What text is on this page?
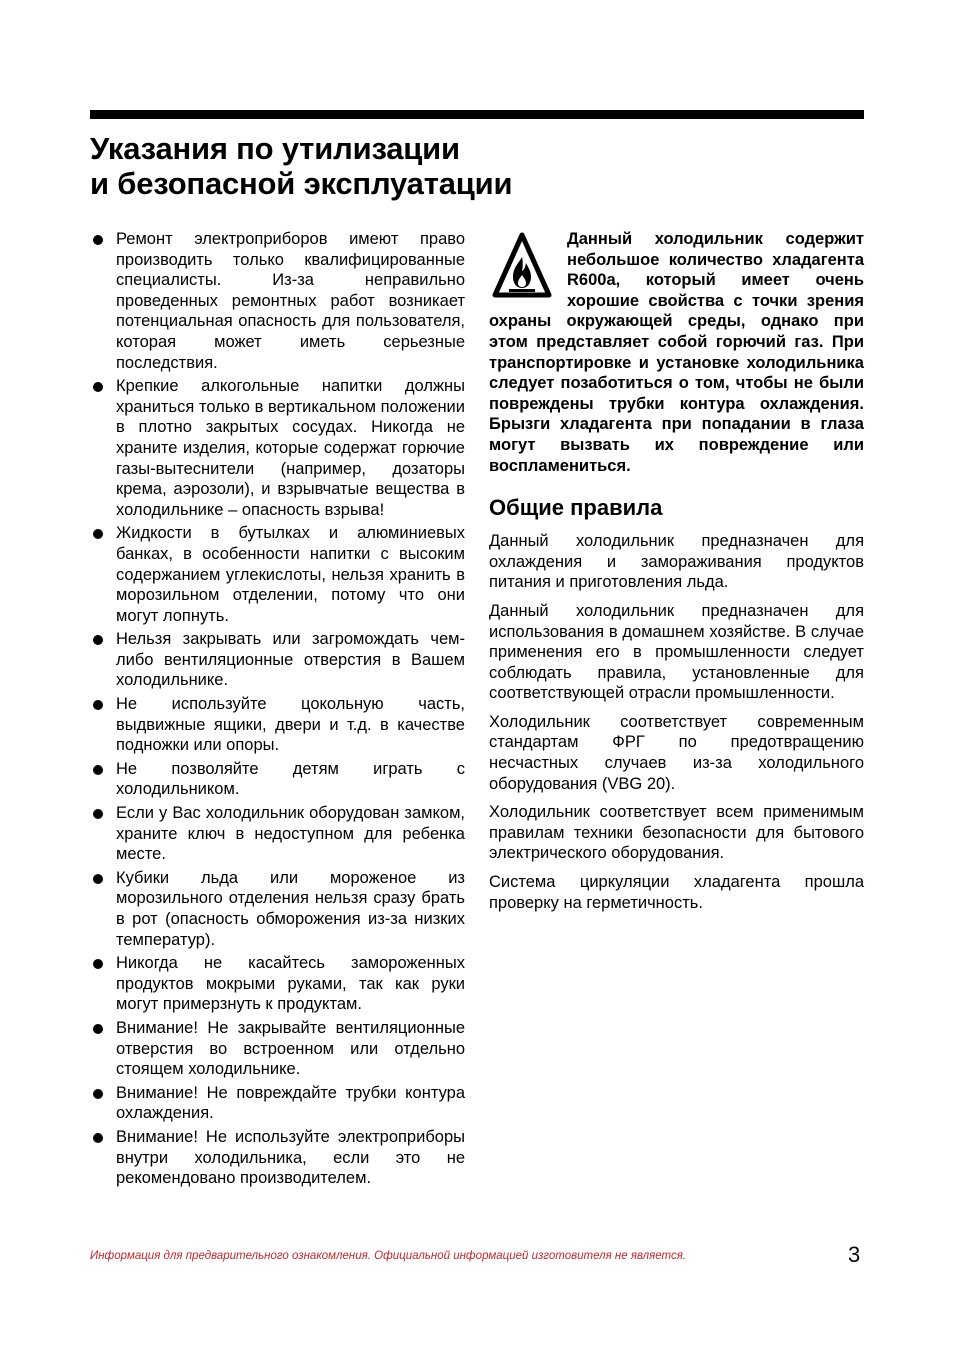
Указания по утилизации
и безопасной эксплуатации
Ремонт электроприборов имеют право производить только квалифицированные специалисты. Из-за неправильно проведенных ремонтных работ возникает потенциальная опасность для пользователя, которая может иметь серьезные последствия.
Крепкие алкогольные напитки должны храниться только в вертикальном положении в плотно закрытых сосудах. Никогда не храните изделия, которые содержат горючие газы-вытеснители (например, дозаторы крема, аэрозоли), и взрывчатые вещества в холодильнике – опасность взрыва!
Жидкости в бутылках и алюминиевых банках, в особенности напитки с высоким содержанием углекислоты, нельзя хранить в морозильном отделении, потому что они могут лопнуть.
Нельзя закрывать или загромождать чем-либо вентиляционные отверстия в Вашем холодильнике.
Не используйте цокольную часть, выдвижные ящики, двери и т.д. в качестве подножки или опоры.
Не позволяйте детям играть с холодильником.
Если у Вас холодильник оборудован замком, храните ключ в недоступном для ребенка месте.
Кубики льда или мороженое из морозильного отделения нельзя сразу брать в рот (опасность обморожения из-за низких температур).
Никогда не касайтесь замороженных продуктов мокрыми руками, так как руки могут примерзнуть к продуктам.
Внимание! Не закрывайте вентиляционные отверстия во встроенном или отдельно стоящем холодильнике.
Внимание! Не повреждайте трубки контура охлаждения.
Внимание! Не используйте электроприборы внутри холодильника, если это не рекомендовано производителем.
Данный холодильник содержит небольшое количество хладагента R600a, который имеет очень хорошие свойства с точки зрения охраны окружающей среды, однако при этом представляет собой горючий газ. При транспортировке и установке холодильника следует позаботиться о том, чтобы не были повреждены трубки контура охлаждения. Брызги хладагента при попадании в глаза могут вызвать их повреждение или воспламениться.
Общие правила

Данный холодильник предназначен для охлаждения и замораживания продуктов питания и приготовления льда.

Данный холодильник предназначен для использования в домашнем хозяйстве. В случае применения его в промышленности следует соблюдать правила, установленные для соответствующей отрасли промышленности.

Холодильник соответствует современным стандартам ФРГ по предотвращению несчастных случаев из-за холодильного оборудования (VBG 20).

Холодильник соответствует всем применимым правилам техники безопасности для бытового электрического оборудования.

Система циркуляции хладагента прошла проверку на герметичность.

Информация для предварительного ознакомления. Официальной информацией изготовителя не является.	3
